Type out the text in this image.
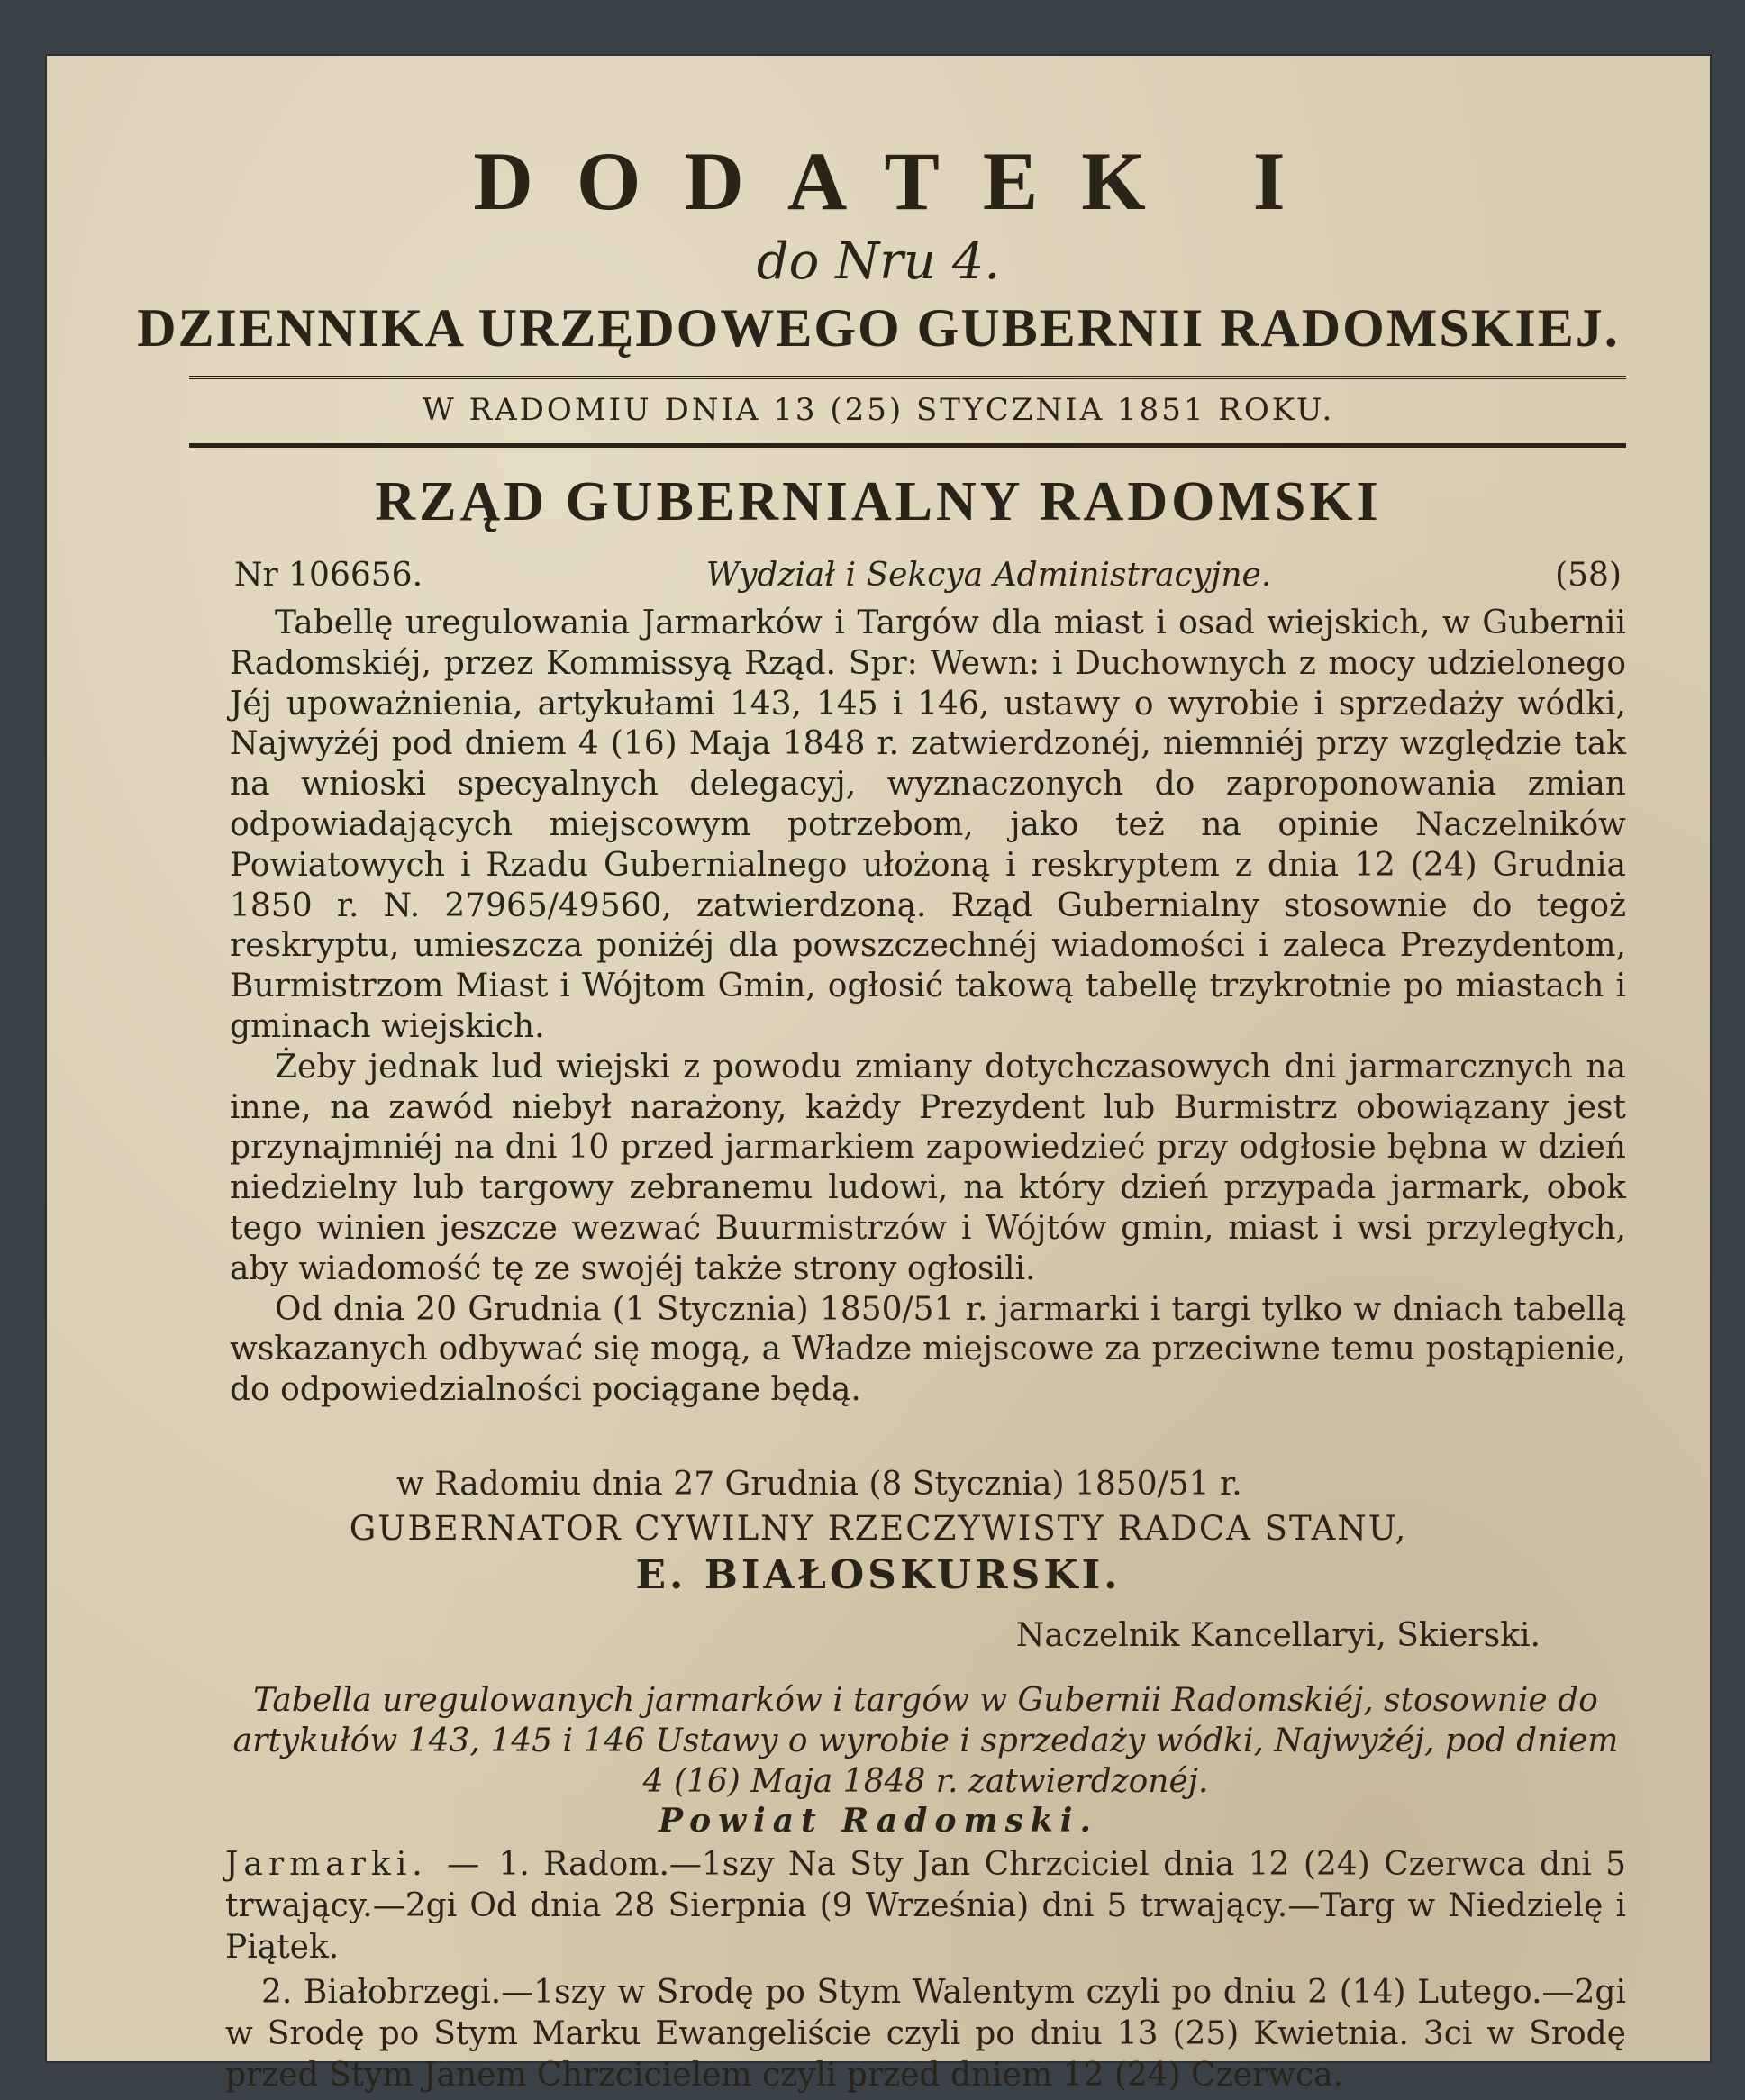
DODATEK I
do Nru 4.
DZIENNIKA URZĘDOWEGO GUBERNII RADOMSKIEJ.
W RADOMIU DNIA 13 (25) STYCZNIA 1851 ROKU.
RZĄD GUBERNIALNY RADOMSKI
Nr 106656.	Wydział i Sekcya Administracyjne.	(58)

Tabellę uregulowania Jarmarków i Targów dla miast i osad wiejskich, w Gubernii Radomskiéj, przez Kommissyą Rząd. Spr: Wewn: i Duchownych z mocy udzielonego Jéj upoważnienia, artykułami 143, 145 i 146, ustawy o wyrobie i sprzedaży wódki, Najwyżéj pod dniem 4 (16) Maja 1848 r. zatwierdzonéj, niemniéj przy względzie tak na wnioski specyalnych delegacyj, wyznaczonych do zaproponowania zmian odpowiadających miejscowym potrzebom, jako też na opinie Naczelników Powiatowych i Rzadu Gubernialnego ułożoną i reskryptem z dnia 12 (24) Grudnia 1850 r. N. 27965/49560, zatwierdzoną. Rząd Gubernialny stosownie do tegoż reskryptu, umieszcza poniżéj dla powszczechnéj wiadomości i zaleca Prezydentom, Burmistrzom Miast i Wójtom Gmin, ogłosić takową tabellę trzykrotnie po miastach i gminach wiejskich.

Żeby jednak lud wiejski z powodu zmiany dotychczasowych dni jarmarcznych na inne, na zawód niebył narażony, każdy Prezydent lub Burmistrz obowiązany jest przynajmniéj na dni 10 przed jarmarkiem zapowiedzieć przy odgłosie bębna w dzień niedzielny lub targowy zebranemu ludowi, na który dzień przypada jarmark, obok tego winien jeszcze wezwać Buurmistrzów i Wójtów gmin, miast i wsi przyległych, aby wiadomość tę ze swojéj także strony ogłosili.

Od dnia 20 Grudnia (1 Stycznia) 1850/51 r. jarmarki i targi tylko w dniach tabellą wskazanych odbywać się mogą, a Władze miejscowe za przeciwne temu postąpienie, do odpowiedzialności pociągane będą.

w Radomiu dnia 27 Grudnia (8 Stycznia) 1850/51 r.
GUBERNATOR CYWILNY RZECZYWISTY RADCA STANU,
E. BIAŁOSKURSKI.
Naczelnik Kancellaryi, Skierski.
Tabella uregulowanych jarmarków i targów w Gubernii Radomskiéj, stosownie do artykułów 143, 145 i 146 Ustawy o wyrobie i sprzedaży wódki, Najwyżéj, pod dniem 4 (16) Maja 1848 r. zatwierdzonéj.
Powiat Radomski.

Jarmarki. — 1. Radom.—1szy Na Sty Jan Chrzciciel dnia 12 (24) Czerwca dni 5 trwający.—2gi Od dnia 28 Sierpnia (9 Września) dni 5 trwający.—Targ w Niedzielę i Piątek.

2. Białobrzegi.—1szy w Srodę po Stym Walentym czyli po dniu 2 (14) Lutego.—2gi w Srodę po Stym Marku Ewangeliście czyli po dniu 13 (25) Kwietnia. 3ci w Srodę przed Stym Janem Chrzcicielem czyli przed dniem 12 (24) Czerwca.
